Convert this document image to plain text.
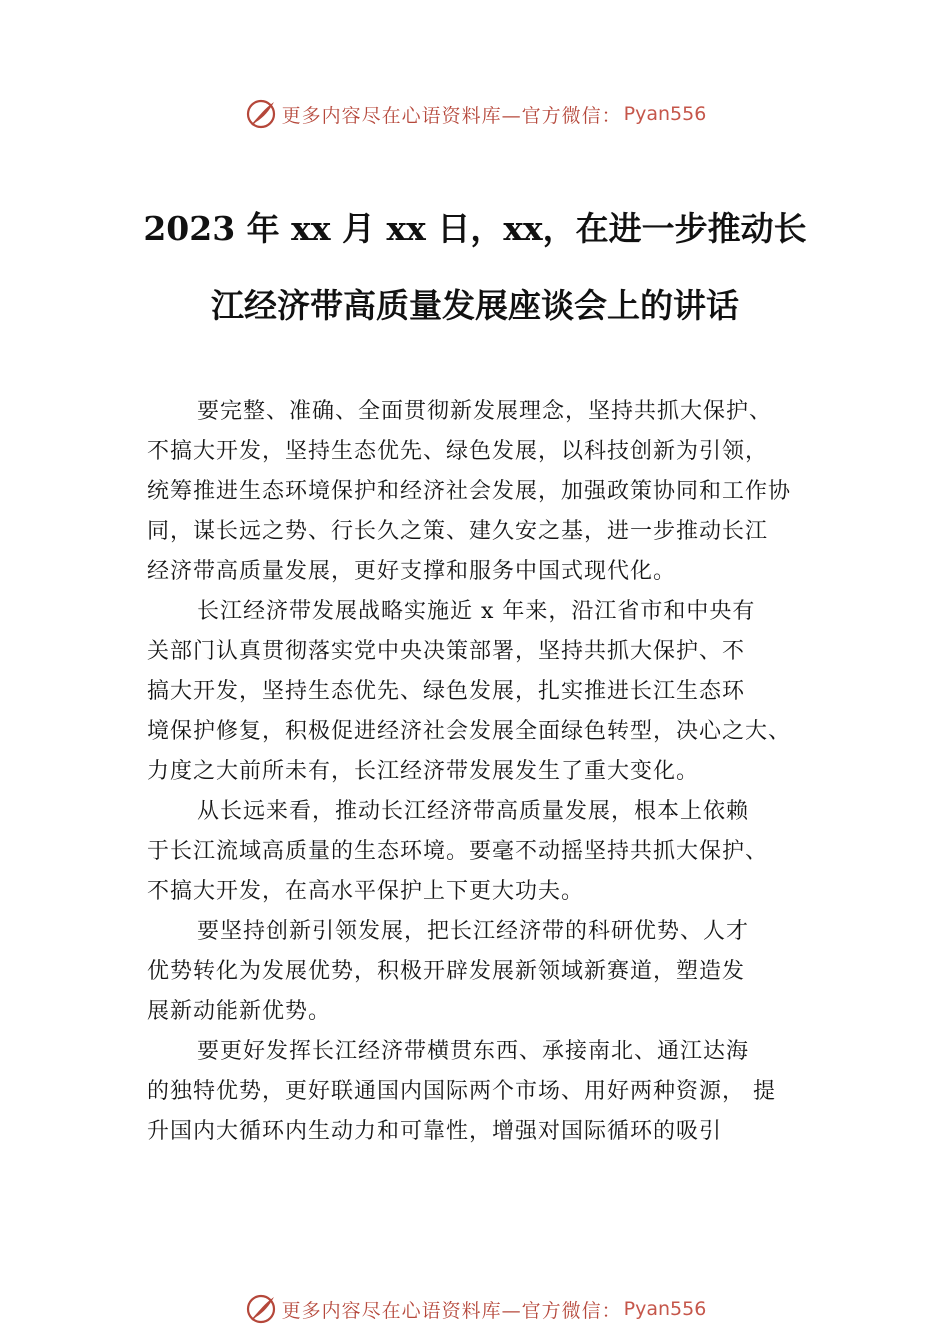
更多内容尽在心语资料库—官方微信： Pyan556
2023 年 xx 月 xx 日，xx，在进一步推动长
江经济带高质量发展座谈会上的讲话
要完整、准确、全面贯彻新发展理念，坚持共抓大保护、
不搞大开发，坚持生态优先、绿色发展，以科技创新为引领，
统筹推进生态环境保护和经济社会发展，加强政策协同和工作协
同，谋长远之势、行长久之策、建久安之基，进一步推动长江
经济带高质量发展，更好支撑和服务中国式现代化。
长江经济带发展战略实施近 x 年来，沿江省市和中央有
关部门认真贯彻落实党中央决策部署，坚持共抓大保护、不
搞大开发，坚持生态优先、绿色发展，扎实推进长江生态环
境保护修复，积极促进经济社会发展全面绿色转型，决心之大、
力度之大前所未有，长江经济带发展发生了重大变化。
从长远来看，推动长江经济带高质量发展，根本上依赖
于长江流域高质量的生态环境。要毫不动摇坚持共抓大保护、
不搞大开发，在高水平保护上下更大功夫。
要坚持创新引领发展，把长江经济带的科研优势、人才
优势转化为发展优势，积极开辟发展新领域新赛道，塑造发
展新动能新优势。
要更好发挥长江经济带横贯东西、承接南北、通江达海
的独特优势，更好联通国内国际两个市场、用好两种资源， 提
升国内大循环内生动力和可靠性，增强对国际循环的吸引
更多内容尽在心语资料库—官方微信： Pyan556
